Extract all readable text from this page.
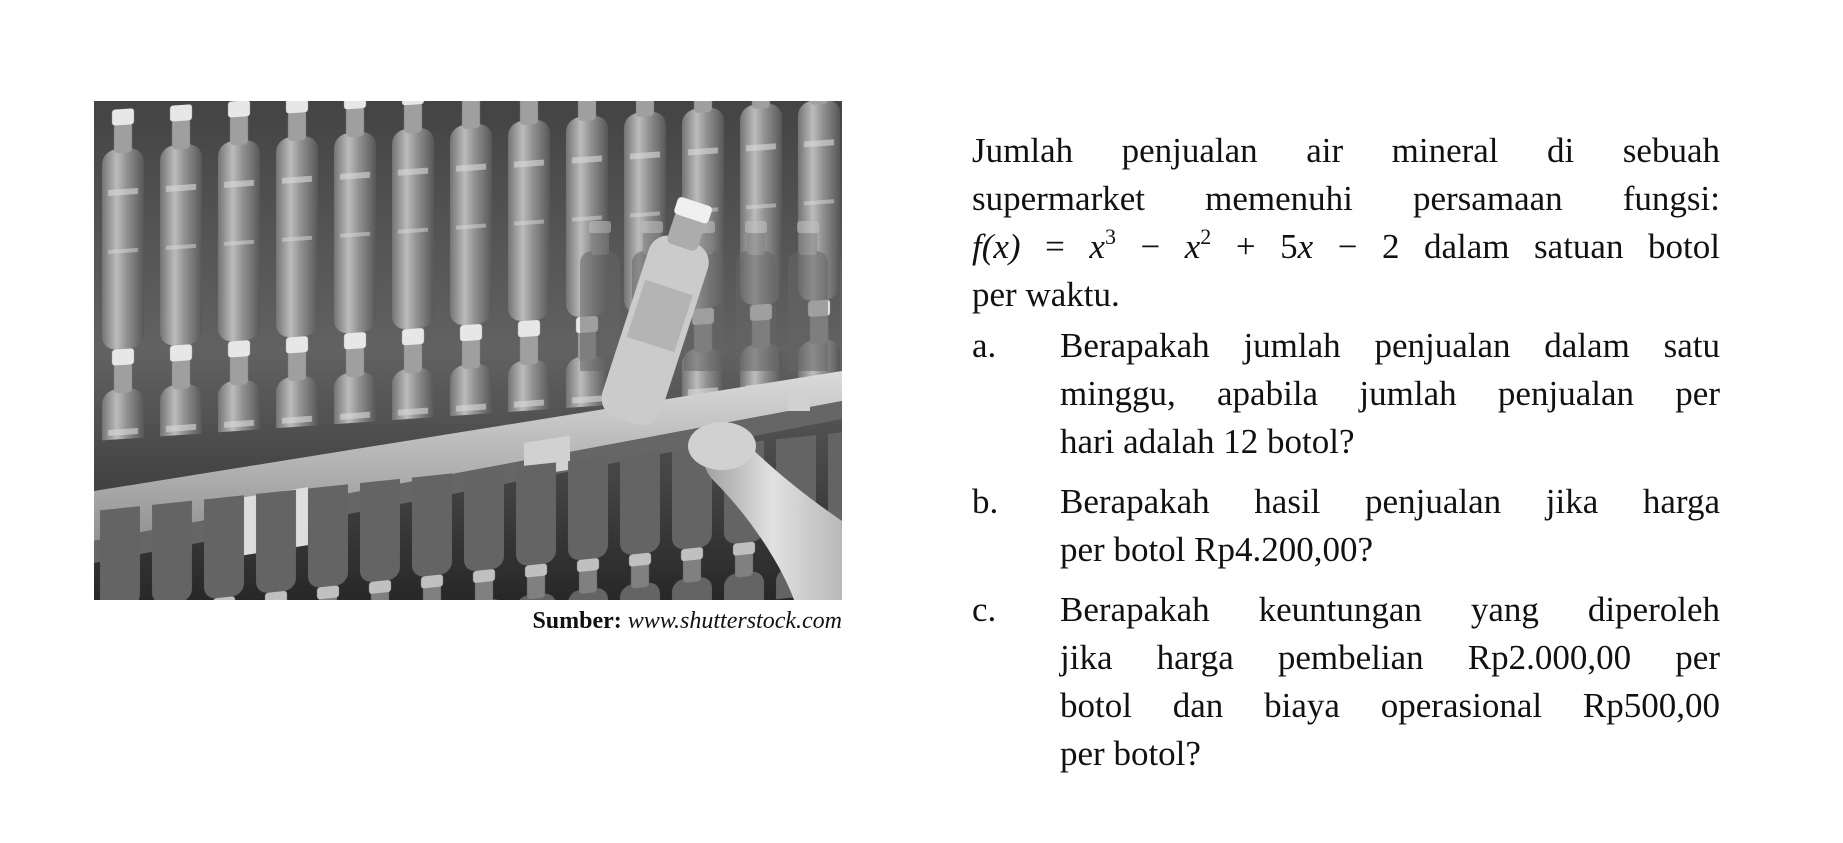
Sumber: www.shutterstock.com

Jumlah penjualan air mineral di sebuah
supermarket memenuhi persamaan fungsi:
$f(x) = x^3 - x^2 + 5x - 2$ dalam satuan botol
per waktu.

a. Berapakah jumlah penjualan dalam satu
minggu, apabila jumlah penjualan per
hari adalah 12 botol?
b. Berapakah hasil penjualan jika harga
per botol Rp4.200,00?
c. Berapakah keuntungan yang diperoleh
jika harga pembelian Rp2.000,00 per
botol dan biaya operasional Rp500,00
per botol?
